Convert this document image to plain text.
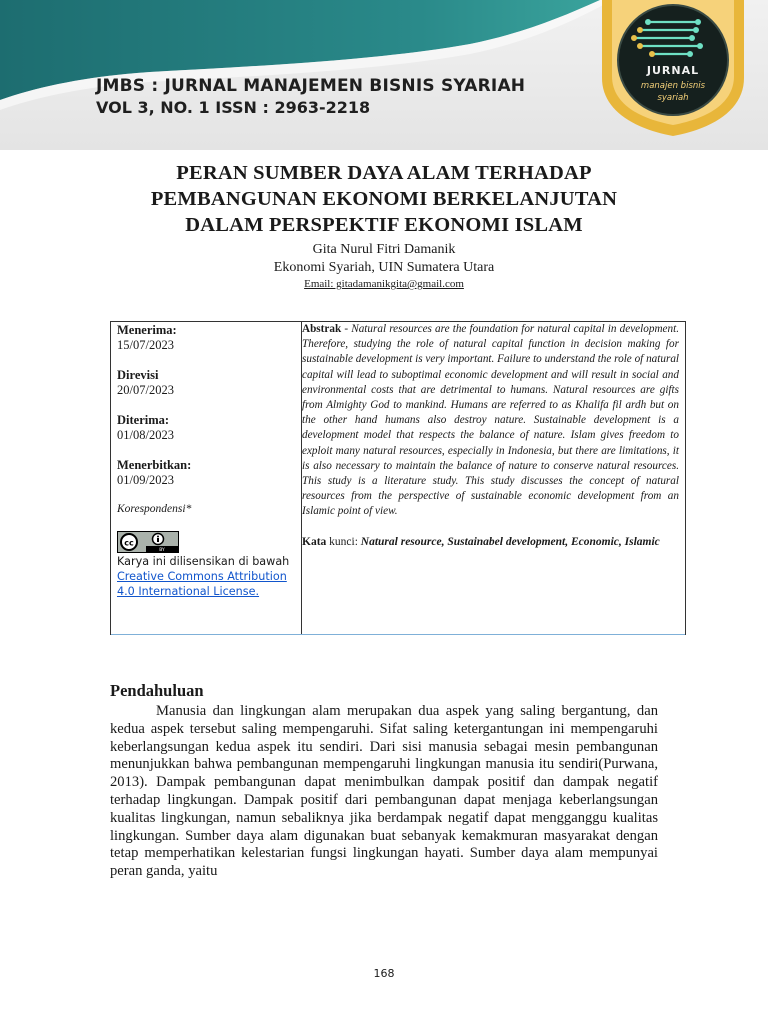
JMBS : JURNAL MANAJEMEN BISNIS SYARIAH
VOL 3, NO. 1 ISSN : 2963-2218
JURNAL
manajen bisnis
syariah
PERAN SUMBER DAYA ALAM TERHADAP
PEMBANGUNAN EKONOMI BERKELANJUTAN
DALAM PERSPEKTIF EKONOMI ISLAM
Gita Nurul Fitri Damanik
Ekonomi Syariah, UIN Sumatera Utara
Email: gitadamanikgita@gmail.com
Menerima:
15/07/2023
Direvisi
20/07/2023
Diterima:
01/08/2023
Menerbitkan:
01/09/2023
Korespondensi*
cc
BY
Karya ini dilisensikan di bawah Creative Commons Attribution 4.0 International License.

Abstrak - Natural resources are the foundation for natural capital in development. Therefore, studying the role of natural capital function in decision making for sustainable development is very important. Failure to understand the role of natural capital will lead to suboptimal economic development and will result in social and environmental costs that are detrimental to humans. Natural resources are gifts from Almighty God to mankind. Humans are referred to as Khalifa fil ardh but on the other hand humans also destroy nature. Sustainable development is a development model that respects the balance of nature. Islam gives freedom to exploit many natural resources, especially in Indonesia, but there are limitations, it is also necessary to maintain the balance of nature to conserve natural resources. This study is a literature study. This study discusses the concept of natural resources from the perspective of sustainable economic development from an Islamic point of view.

Kata kunci: Natural resource, Sustainabel development, Economic, Islamic

Pendahuluan

Manusia dan lingkungan alam merupakan dua aspek yang saling bergantung, dan kedua aspek tersebut saling mempengaruhi. Sifat saling ketergantungan ini mempengaruhi keberlangsungan kedua aspek itu sendiri. Dari sisi manusia sebagai mesin pembangunan menunjukkan bahwa pembangunan mempengaruhi lingkungan manusia itu sendiri(Purwana, 2013). Dampak pembangunan dapat menimbulkan dampak positif dan dampak negatif terhadap lingkungan. Dampak positif dari pembangunan dapat menjaga keberlangsungan kualitas lingkungan, namun sebaliknya jika berdampak negatif dapat mengganggu kualitas lingkungan. Sumber daya alam digunakan buat sebanyak kemakmuran masyarakat dengan tetap memperhatikan kelestarian fungsi lingkungan hayati. Sumber daya alam mempunyai peran ganda, yaitu

168
